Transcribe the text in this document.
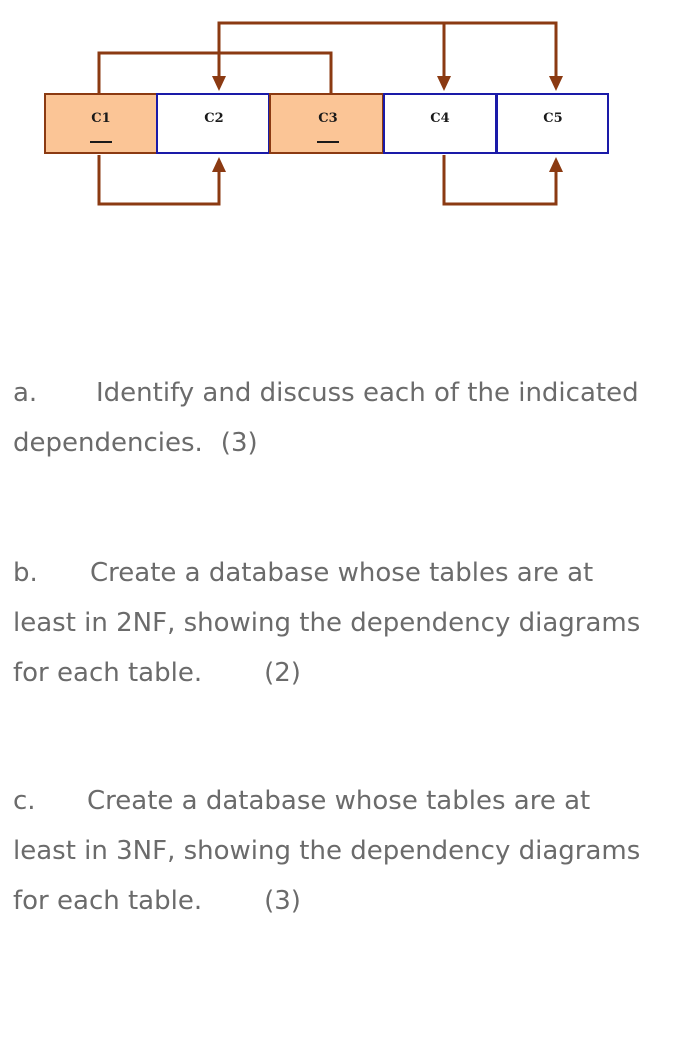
C1	C2	C3	C4	C5
a. Identify and discuss each of the indicated
dependencies. (3)
b. Create a database whose tables are at
least in 2NF, showing the dependency diagrams
for each table. (2)
c. Create a database whose tables are at
least in 3NF, showing the dependency diagrams
for each table. (3)
